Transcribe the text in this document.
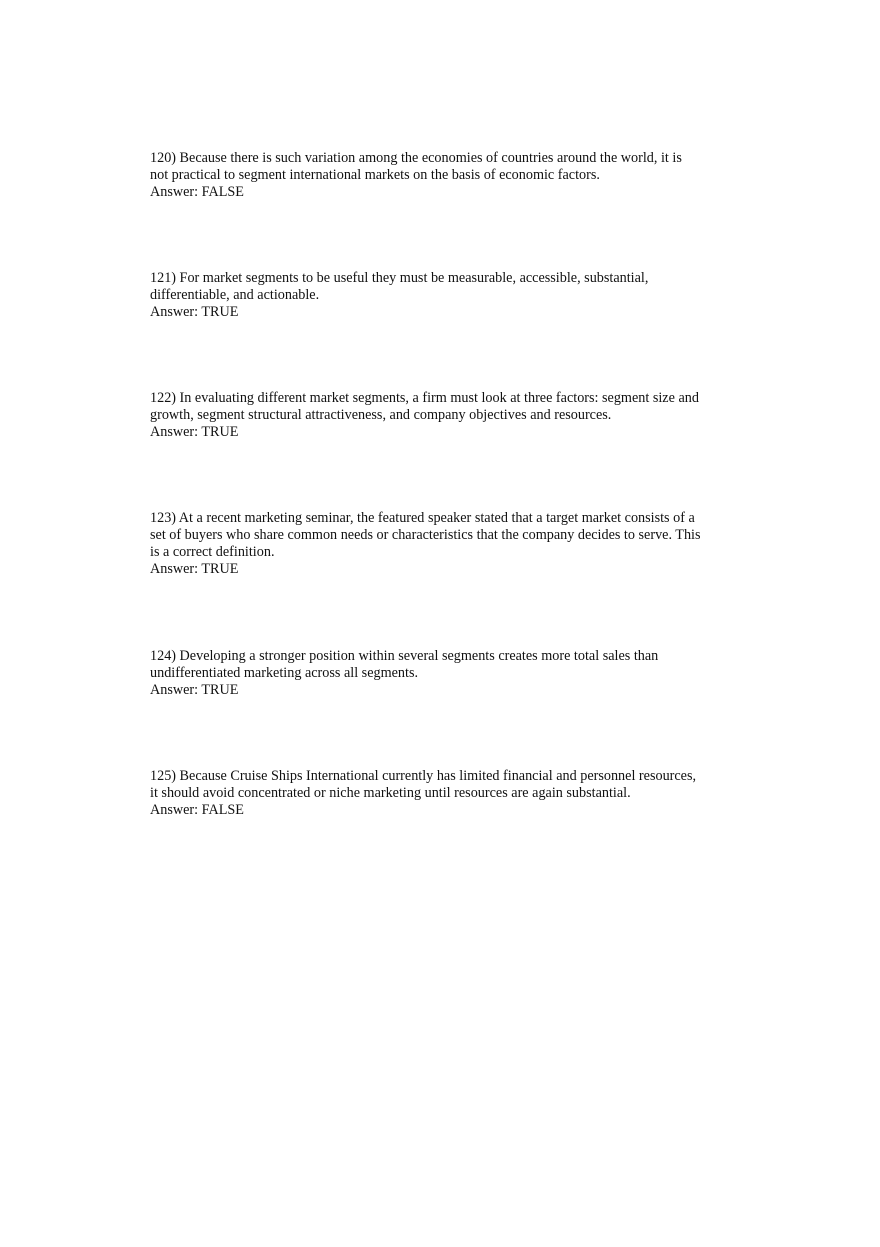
120) Because there is such variation among the economies of countries around the world, it is
not practical to segment international markets on the basis of economic factors.
Answer: FALSE
121) For market segments to be useful they must be measurable, accessible, substantial,
differentiable, and actionable.
Answer: TRUE
122) In evaluating different market segments, a firm must look at three factors: segment size and
growth, segment structural attractiveness, and company objectives and resources.
Answer: TRUE
123) At a recent marketing seminar, the featured speaker stated that a target market consists of a
set of buyers who share common needs or characteristics that the company decides to serve. This
is a correct definition.
Answer: TRUE
124) Developing a stronger position within several segments creates more total sales than
undifferentiated marketing across all segments.
Answer: TRUE
125) Because Cruise Ships International currently has limited financial and personnel resources,
it should avoid concentrated or niche marketing until resources are again substantial.
Answer: FALSE
